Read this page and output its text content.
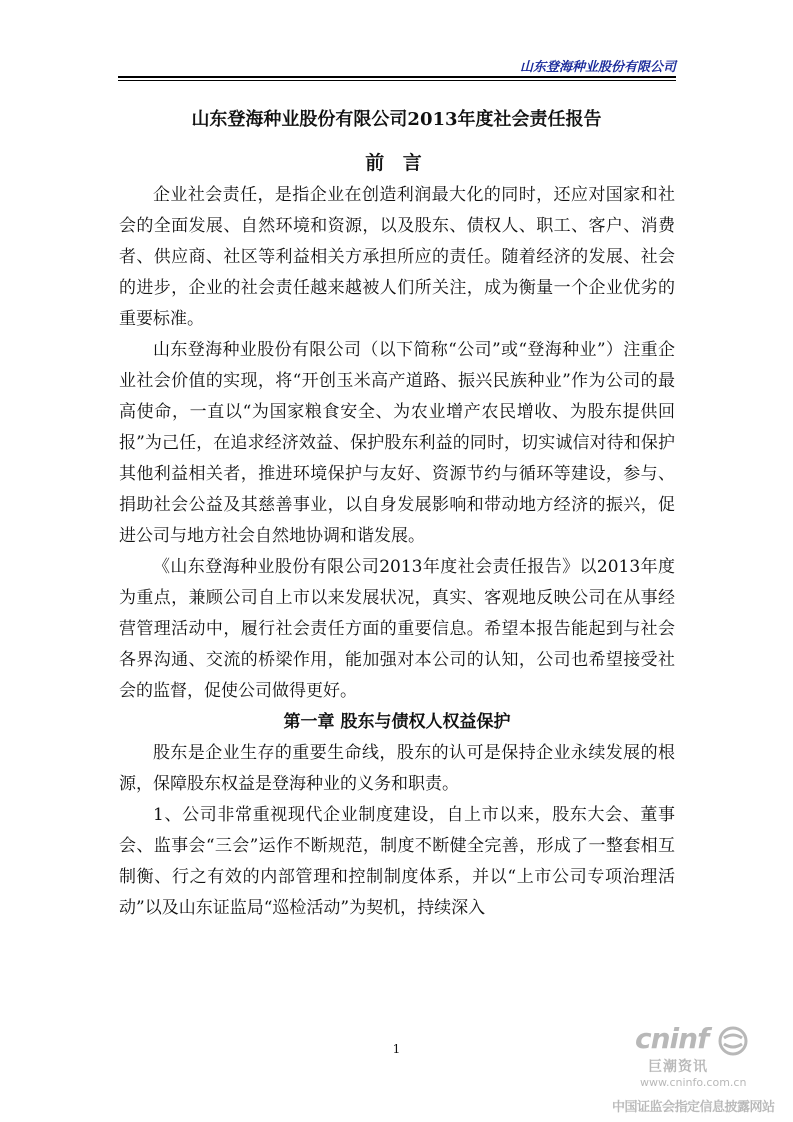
山东登海种业股份有限公司
山东登海种业股份有限公司2013年度社会责任报告
前 言

企业社会责任，是指企业在创造利润最大化的同时，还应对国家和社会的全面发展、自然环境和资源，以及股东、债权人、职工、客户、消费者、供应商、社区等利益相关方承担所应的责任。随着经济的发展、社会的进步，企业的社会责任越来越被人们所关注，成为衡量一个企业优劣的重要标准。

山东登海种业股份有限公司（以下简称“公司”或“登海种业”）注重企业社会价值的实现，将“开创玉米高产道路、振兴民族种业”作为公司的最高使命，一直以“为国家粮食安全、为农业增产农民增收、为股东提供回报”为己任，在追求经济效益、保护股东利益的同时，切实诚信对待和保护其他利益相关者，推进环境保护与友好、资源节约与循环等建设，参与、捐助社会公益及其慈善事业，以自身发展影响和带动地方经济的振兴，促进公司与地方社会自然地协调和谐发展。

《山东登海种业股份有限公司2013年度社会责任报告》以2013年度为重点，兼顾公司自上市以来发展状况，真实、客观地反映公司在从事经营管理活动中，履行社会责任方面的重要信息。希望本报告能起到与社会各界沟通、交流的桥梁作用，能加强对本公司的认知，公司也希望接受社会的监督，促使公司做得更好。

第一章 股东与债权人权益保护

股东是企业生存的重要生命线，股东的认可是保持企业永续发展的根源，保障股东权益是登海种业的义务和职责。

1、公司非常重视现代企业制度建设，自上市以来，股东大会、董事会、监事会“三会”运作不断规范，制度不断健全完善，形成了一整套相互制衡、行之有效的内部管理和控制制度体系，并以“上市公司专项治理活动”以及山东证监局“巡检活动”为契机，持续深入

1	cninf
巨潮资讯
www.cninfo.com.cn
中国证监会指定信息披露网站
